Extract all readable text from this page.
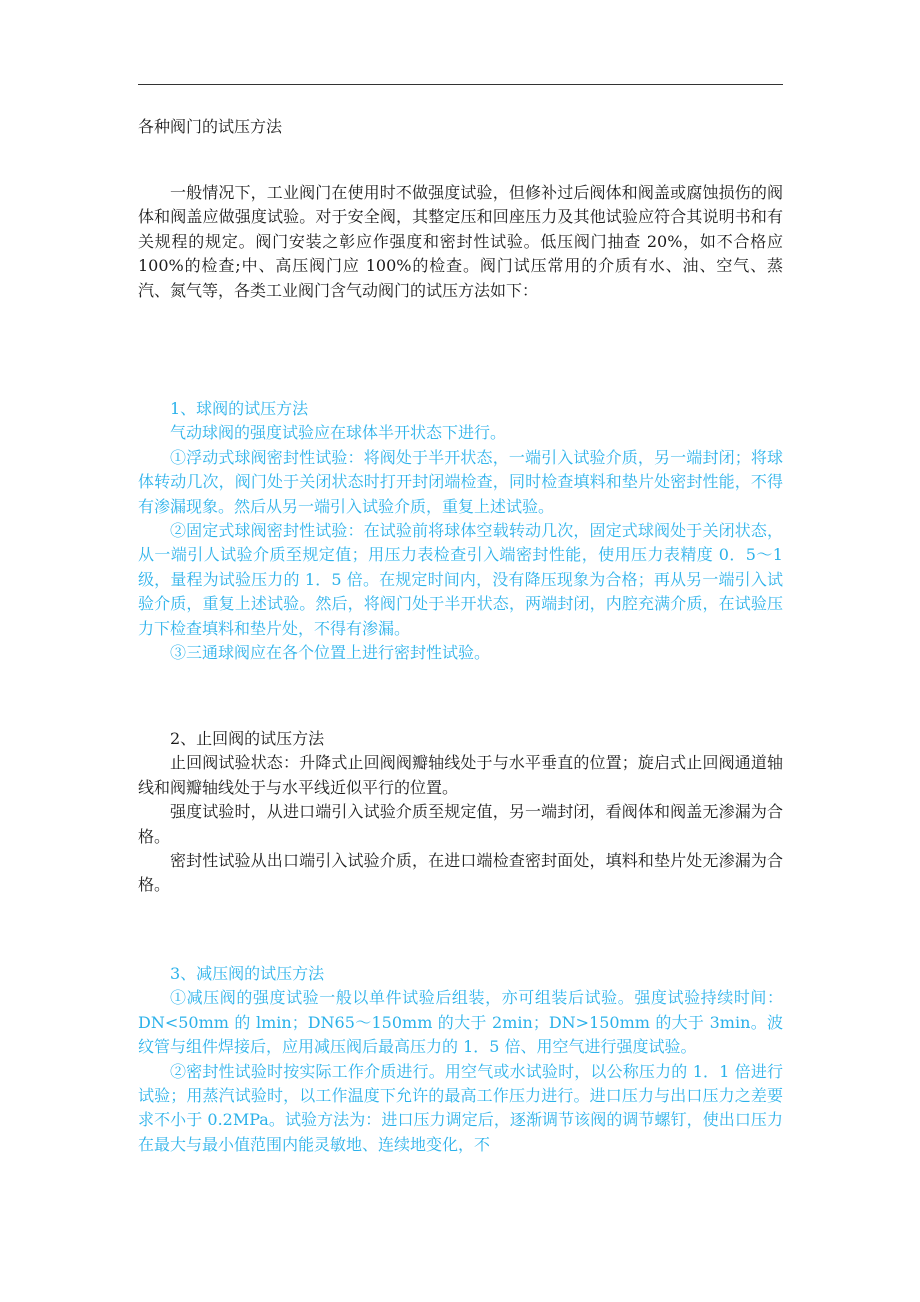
各种阀门的试压方法

一般情况下，工业阀门在使用时不做强度试验，但修补过后阀体和阀盖或腐蚀损伤的阀体和阀盖应做强度试验。对于安全阀，其整定压和回座压力及其他试验应符合其说明书和有关规程的规定。阀门安装之彰应作强度和密封性试验。低压阀门抽查 20%，如不合格应 100%的检查;中、高压阀门应 100%的检查。阀门试压常用的介质有水、油、空气、蒸汽、氮气等，各类工业阀门含气动阀门的试压方法如下：

1、球阀的试压方法

气动球阀的强度试验应在球体半开状态下进行。

①浮动式球阀密封性试验：将阀处于半开状态，一端引入试验介质，另一端封闭；将球体转动几次，阀门处于关闭状态时打开封闭端检查，同时检查填料和垫片处密封性能，不得有渗漏现象。然后从另一端引入试验介质，重复上述试验。

②固定式球阀密封性试验：在试验前将球体空载转动几次，固定式球阀处于关闭状态，从一端引人试验介质至规定值；用压力表检查引入端密封性能，使用压力表精度 0．5～1 级，量程为试验压力的 1．5 倍。在规定时间内，没有降压现象为合格；再从另一端引入试验介质，重复上述试验。然后，将阀门处于半开状态，两端封闭，内腔充满介质，在试验压力下检查填料和垫片处，不得有渗漏。

③三通球阀应在各个位置上进行密封性试验。

2、止回阀的试压方法

止回阀试验状态：升降式止回阀阀瓣轴线处于与水平垂直的位置；旋启式止回阀通道轴线和阀瓣轴线处于与水平线近似平行的位置。

强度试验时，从进口端引入试验介质至规定值，另一端封闭，看阀体和阀盖无渗漏为合格。

密封性试验从出口端引入试验介质，在进口端检查密封面处，填料和垫片处无渗漏为合格。

3、减压阀的试压方法

①减压阀的强度试验一般以单件试验后组装，亦可组装后试验。强度试验持续时间：DN<50mm 的 lmin；DN65～150mm 的大于 2min；DN>150mm 的大于 3min。波纹管与组件焊接后，应用减压阀后最高压力的 1．5 倍、用空气进行强度试验。

②密封性试验时按实际工作介质进行。用空气或水试验时，以公称压力的 1．1 倍进行试验；用蒸汽试验时，以工作温度下允许的最高工作压力进行。进口压力与出口压力之差要求不小于 0.2MPa。试验方法为：进口压力调定后，逐渐调节该阀的调节螺钉，使出口压力在最大与最小值范围内能灵敏地、连续地变化，不
